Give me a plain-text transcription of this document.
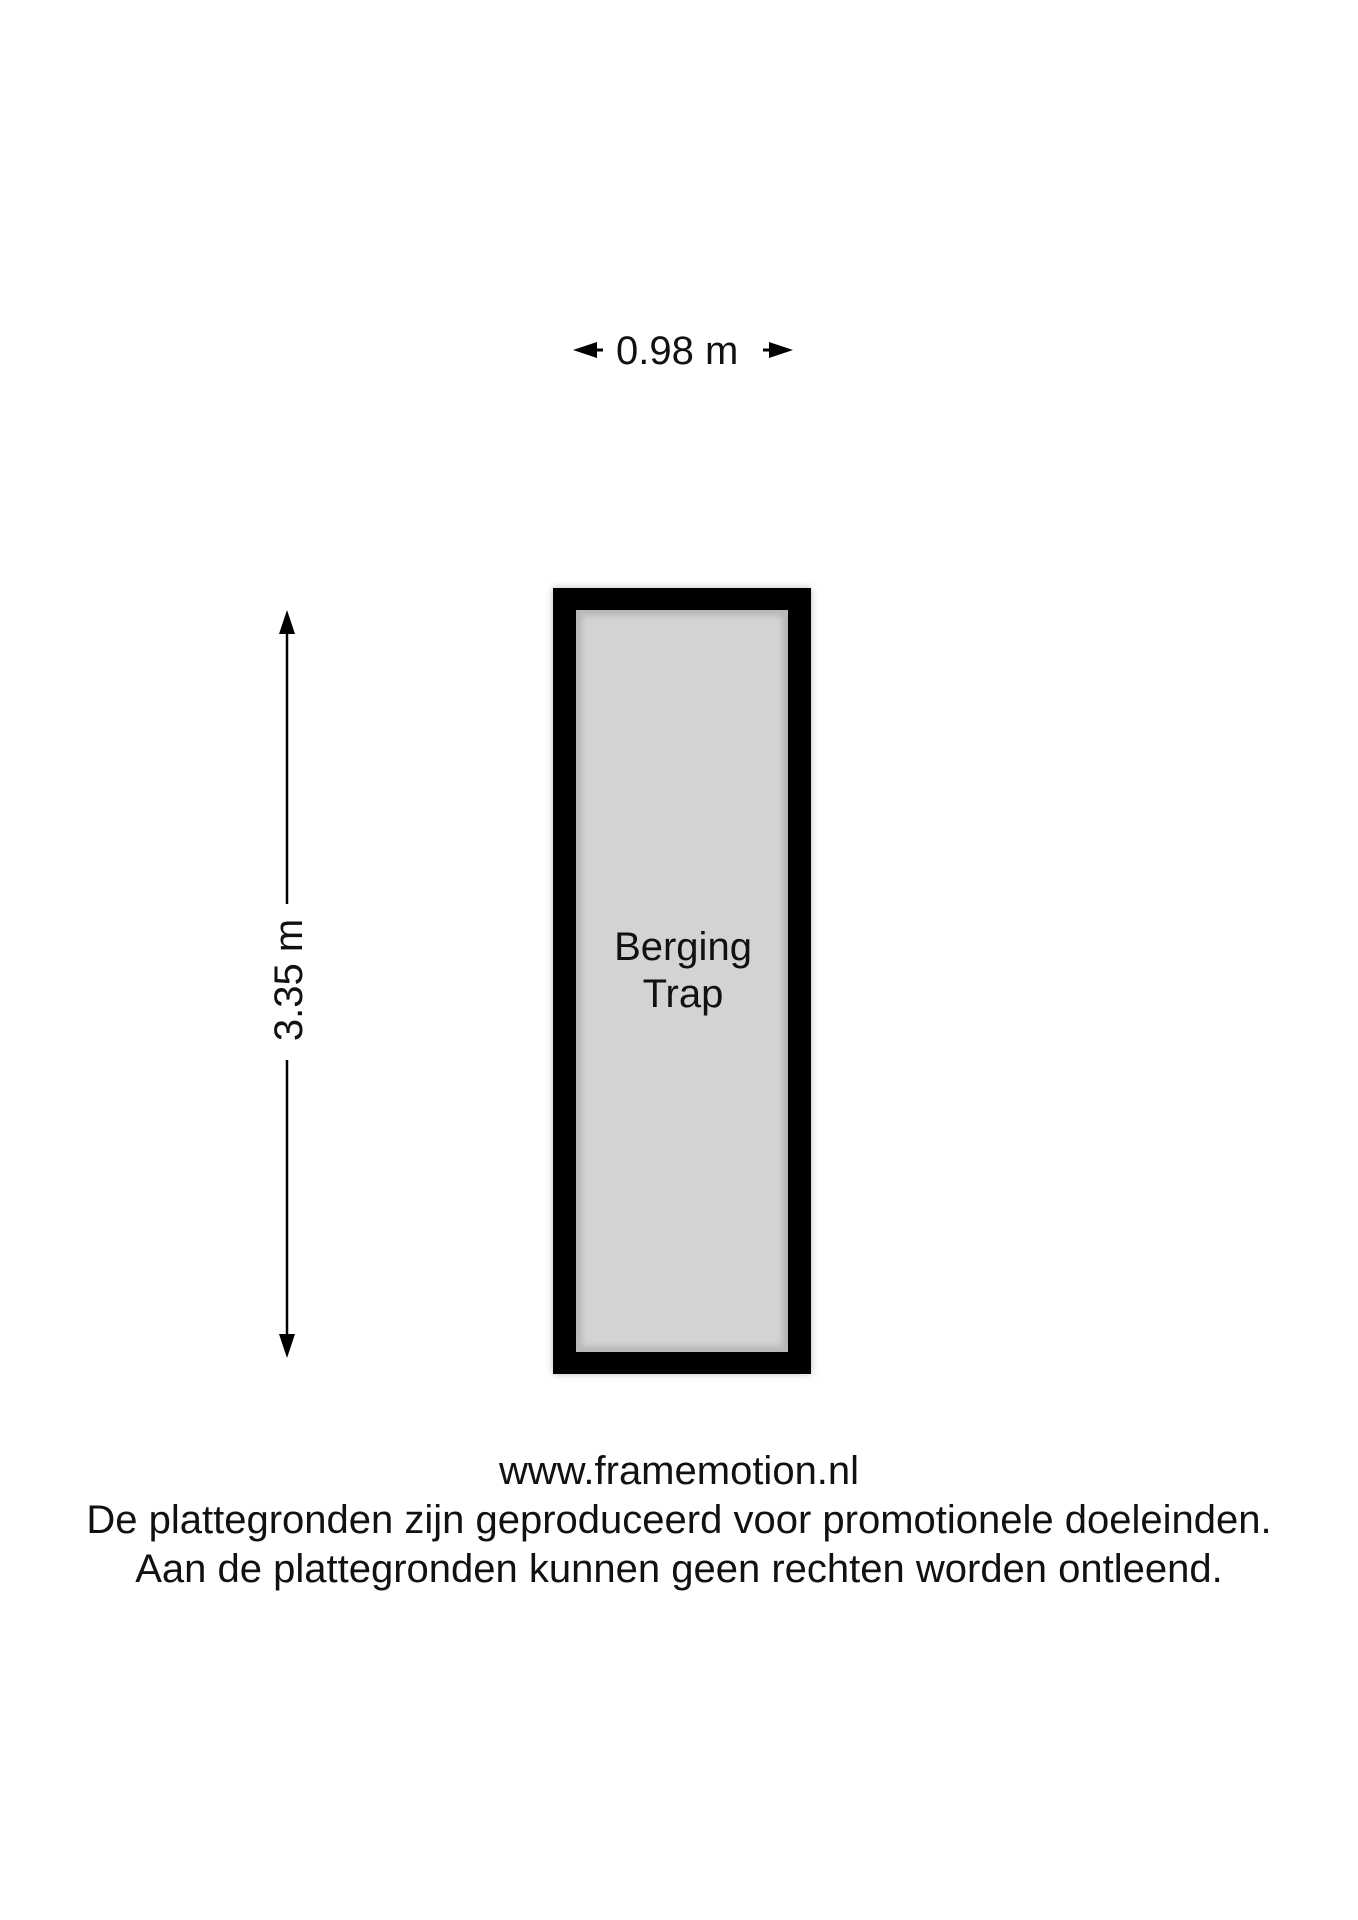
0.98 m
3.35 m	Berging
Trap
www.framemotion.nl
De plattegronden zijn geproduceerd voor promotionele doeleinden.
Aan de plattegronden kunnen geen rechten worden ontleend.
